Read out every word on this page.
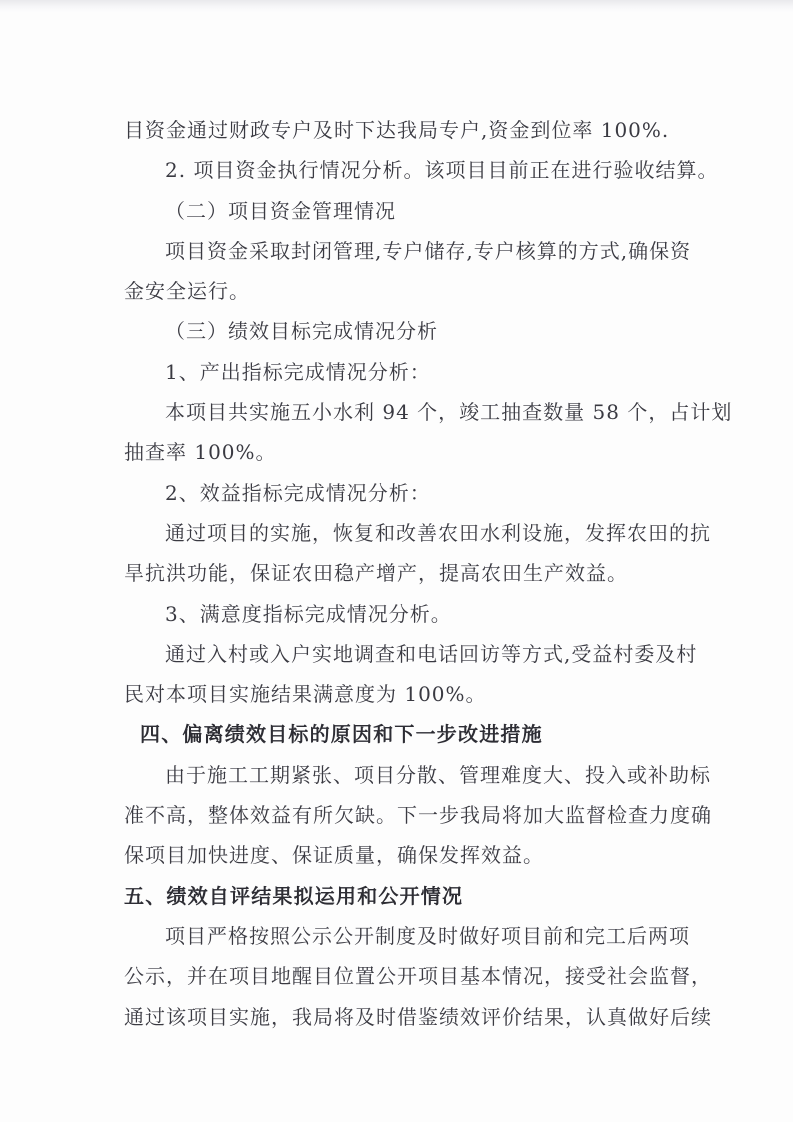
目资金通过财政专户及时下达我局专户,资金到位率 100%.
2. 项目资金执行情况分析。该项目目前正在进行验收结算。
（二）项目资金管理情况
项目资金采取封闭管理,专户储存,专户核算的方式,确保资
金安全运行。
（三）绩效目标完成情况分析
1、产出指标完成情况分析：
本项目共实施五小水利 94 个，竣工抽查数量 58 个，占计划
抽查率 100%。
2、效益指标完成情况分析：
通过项目的实施，恢复和改善农田水利设施，发挥农田的抗
旱抗洪功能，保证农田稳产增产，提高农田生产效益。
3、满意度指标完成情况分析。
通过入村或入户实地调查和电话回访等方式,受益村委及村
民对本项目实施结果满意度为 100%。
四、偏离绩效目标的原因和下一步改进措施
由于施工工期紧张、项目分散、管理难度大、投入或补助标
准不高，整体效益有所欠缺。下一步我局将加大监督检查力度确
保项目加快进度、保证质量，确保发挥效益。
五、绩效自评结果拟运用和公开情况
项目严格按照公示公开制度及时做好项目前和完工后两项
公示，并在项目地醒目位置公开项目基本情况，接受社会监督，
通过该项目实施，我局将及时借鉴绩效评价结果，认真做好后续
